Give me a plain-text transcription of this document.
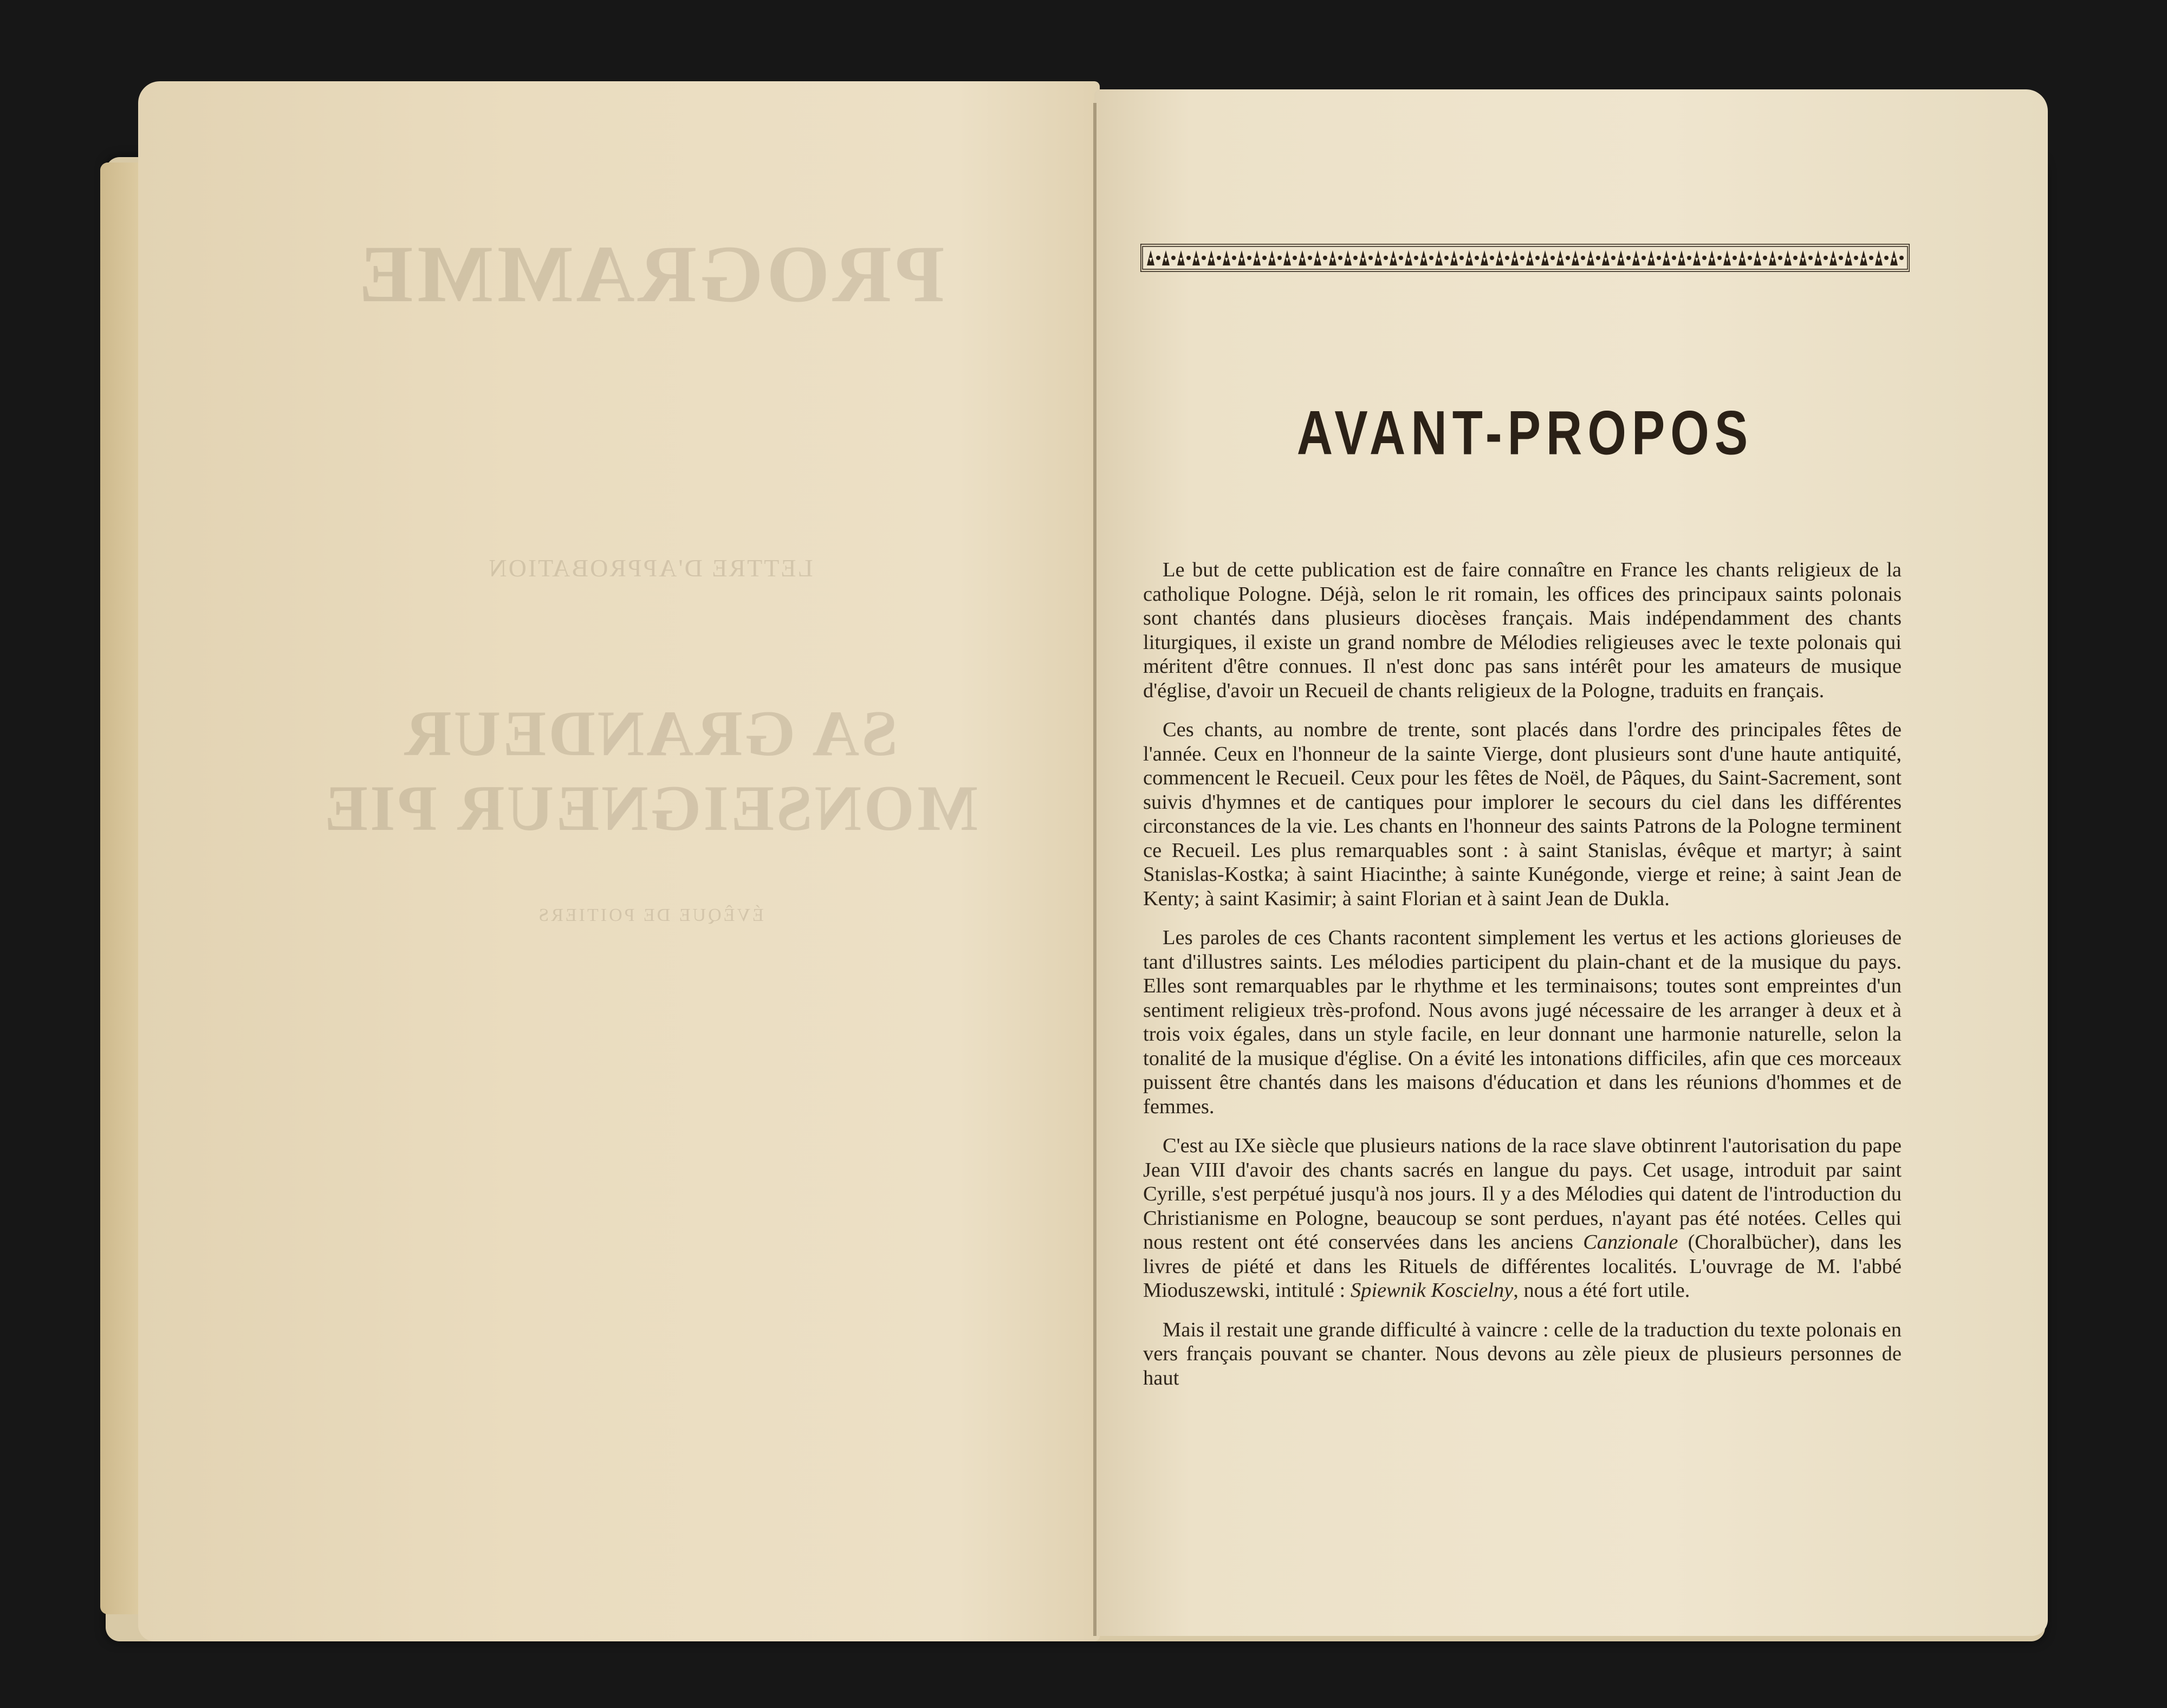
PROGRAMME
LETTRE D'APPROBATION
SA GRANDEUR MONSEIGNEUR PIE
ÉVÊQUE DE POITIERS
AVANT-PROPOS

Le but de cette publication est de faire connaître en France les chants religieux de la catholique Pologne. Déjà, selon le rit romain, les offices des principaux saints polonais sont chantés dans plusieurs diocèses français. Mais indépendamment des chants liturgiques, il existe un grand nombre de Mélodies religieuses avec le texte polonais qui méritent d'être connues. Il n'est donc pas sans intérêt pour les amateurs de musique d'église, d'avoir un Recueil de chants religieux de la Pologne, traduits en français.

Ces chants, au nombre de trente, sont placés dans l'ordre des principales fêtes de l'année. Ceux en l'honneur de la sainte Vierge, dont plusieurs sont d'une haute antiquité, commencent le Recueil. Ceux pour les fêtes de Noël, de Pâques, du Saint-Sacrement, sont suivis d'hymnes et de cantiques pour implorer le secours du ciel dans les différentes circonstances de la vie. Les chants en l'honneur des saints Patrons de la Pologne terminent ce Recueil. Les plus remarquables sont : à saint Stanislas, évêque et martyr; à saint Stanislas-Kostka; à saint Hiacinthe; à sainte Kunégonde, vierge et reine; à saint Jean de Kenty; à saint Kasimir; à saint Florian et à saint Jean de Dukla.

Les paroles de ces Chants racontent simplement les vertus et les actions glorieuses de tant d'illustres saints. Les mélodies participent du plain-chant et de la musique du pays. Elles sont remarquables par le rhythme et les terminaisons; toutes sont empreintes d'un sentiment religieux très-profond. Nous avons jugé nécessaire de les arranger à deux et à trois voix égales, dans un style facile, en leur donnant une harmonie naturelle, selon la tonalité de la musique d'église. On a évité les intonations difficiles, afin que ces morceaux puissent être chantés dans les maisons d'éducation et dans les réunions d'hommes et de femmes.

C'est au IXe siècle que plusieurs nations de la race slave obtinrent l'autorisation du pape Jean VIII d'avoir des chants sacrés en langue du pays. Cet usage, introduit par saint Cyrille, s'est perpétué jusqu'à nos jours. Il y a des Mélodies qui datent de l'introduction du Christianisme en Pologne, beaucoup se sont perdues, n'ayant pas été notées. Celles qui nous restent ont été conservées dans les anciens Canzionale (Choralbücher), dans les livres de piété et dans les Rituels de différentes localités. L'ouvrage de M. l'abbé Mioduszewski, intitulé : Spiewnik Koscielny, nous a été fort utile.

Mais il restait une grande difficulté à vaincre : celle de la traduction du texte polonais en vers français pouvant se chanter. Nous devons au zèle pieux de plusieurs personnes de haut
